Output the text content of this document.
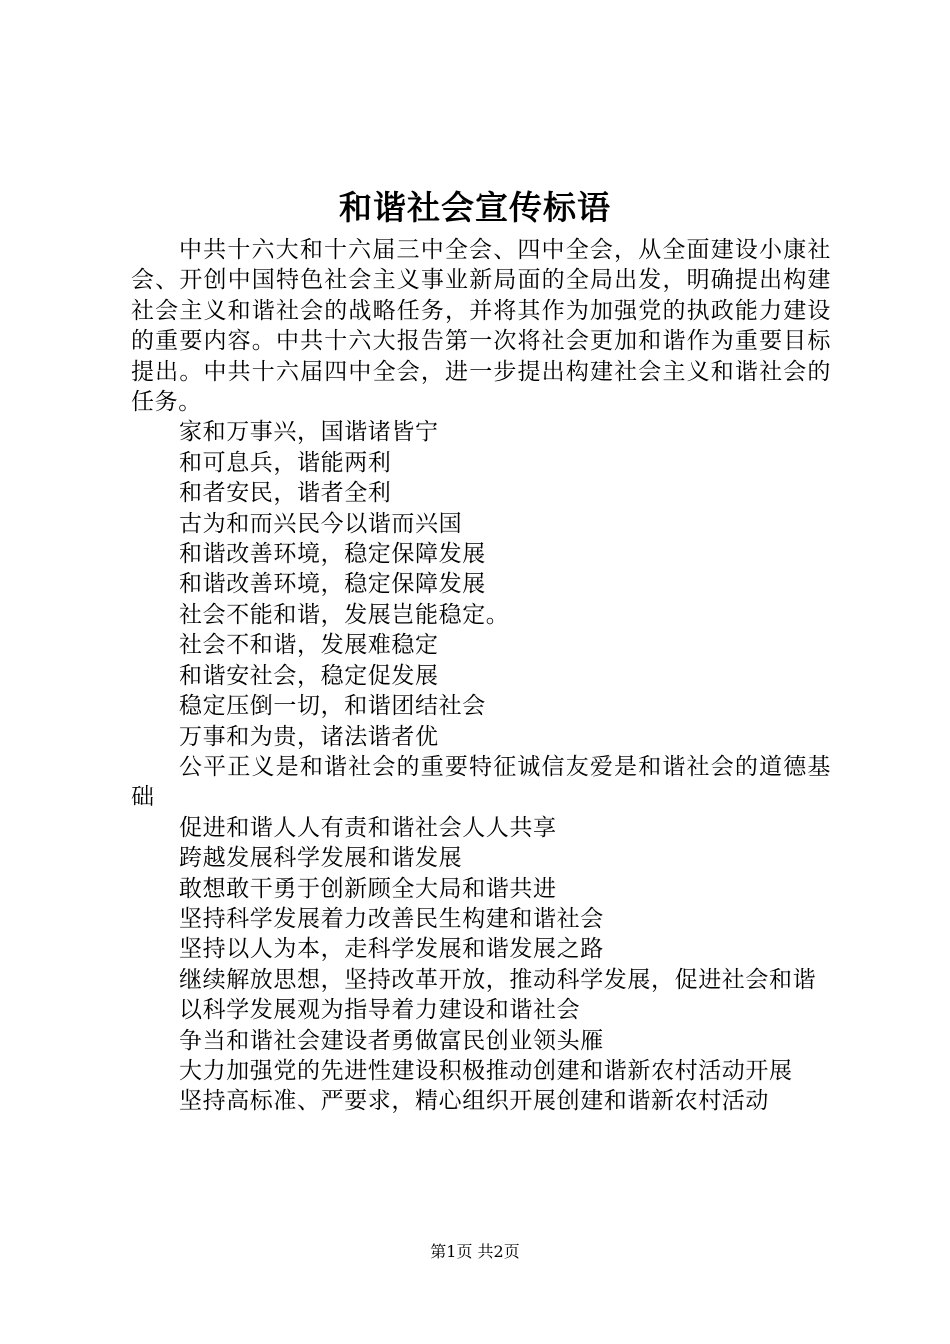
和谐社会宣传标语

中共十六大和十六届三中全会、四中全会，从全面建设小康社会、开创中国特色社会主义事业新局面的全局出发，明确提出构建社会主义和谐社会的战略任务，并将其作为加强党的执政能力建设的重要内容。中共十六大报告第一次将社会更加和谐作为重要目标提出。中共十六届四中全会，进一步提出构建社会主义和谐社会的任务。

家和万事兴，国谐诸皆宁

和可息兵，谐能两利

和者安民，谐者全利

古为和而兴民今以谐而兴国

和谐改善环境，稳定保障发展

和谐改善环境，稳定保障发展

社会不能和谐，发展岂能稳定。

社会不和谐，发展难稳定

和谐安社会，稳定促发展

稳定压倒一切，和谐团结社会

万事和为贵，诸法谐者优

公平正义是和谐社会的重要特征诚信友爱是和谐社会的道德基础

促进和谐人人有责和谐社会人人共享

跨越发展科学发展和谐发展

敢想敢干勇于创新顾全大局和谐共进

坚持科学发展着力改善民生构建和谐社会

坚持以人为本，走科学发展和谐发展之路

继续解放思想，坚持改革开放，推动科学发展，促进社会和谐

以科学发展观为指导着力建设和谐社会

争当和谐社会建设者勇做富民创业领头雁

大力加强党的先进性建设积极推动创建和谐新农村活动开展

坚持高标准、严要求，精心组织开展创建和谐新农村活动

第1页 共2页
